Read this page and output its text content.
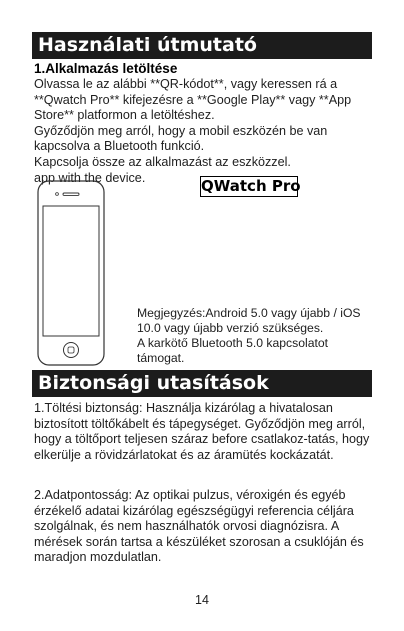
Használati útmutató
1.Alkalmazás letöltése

Olvassa le az alábbi **QR-kódot**, vagy keressen rá a **Qwatch Pro** kifejezésre a **Google Play** vagy **App Store** platformon a letöltéshez.
Győződjön meg arról, hogy a mobil eszközén be van kapcsolva a Bluetooth funkció.
Kapcsolja össze az alkalmazást az eszközzel.
app with the device.	QWatch Pro

Megjegyzés:Android 5.0 vagy újabb / iOS 10.0 vagy újabb verzió szükséges.
A karkötő Bluetooth 5.0 kapcsolatot támogat.

Biztonsági utasítások

1.Töltési biztonság: Használja kizárólag a hivatalosan biztosított töltőkábelt és tápegységet. Győződjön meg arról, hogy a töltőport teljesen száraz before csatlakoz-tatás, hogy elkerülje a rövidzárlatokat és az áramütés kockázatát.

2.Adatpontosság: Az optikai pulzus, véroxigén és egyéb érzékelő adatai kizárólag egészségügyi referencia céljára szolgálnak, és nem használhatók orvosi diagnózisra. A mérések során tartsa a készüléket szorosan a csuklóján és maradjon mozdulatlan.

14
